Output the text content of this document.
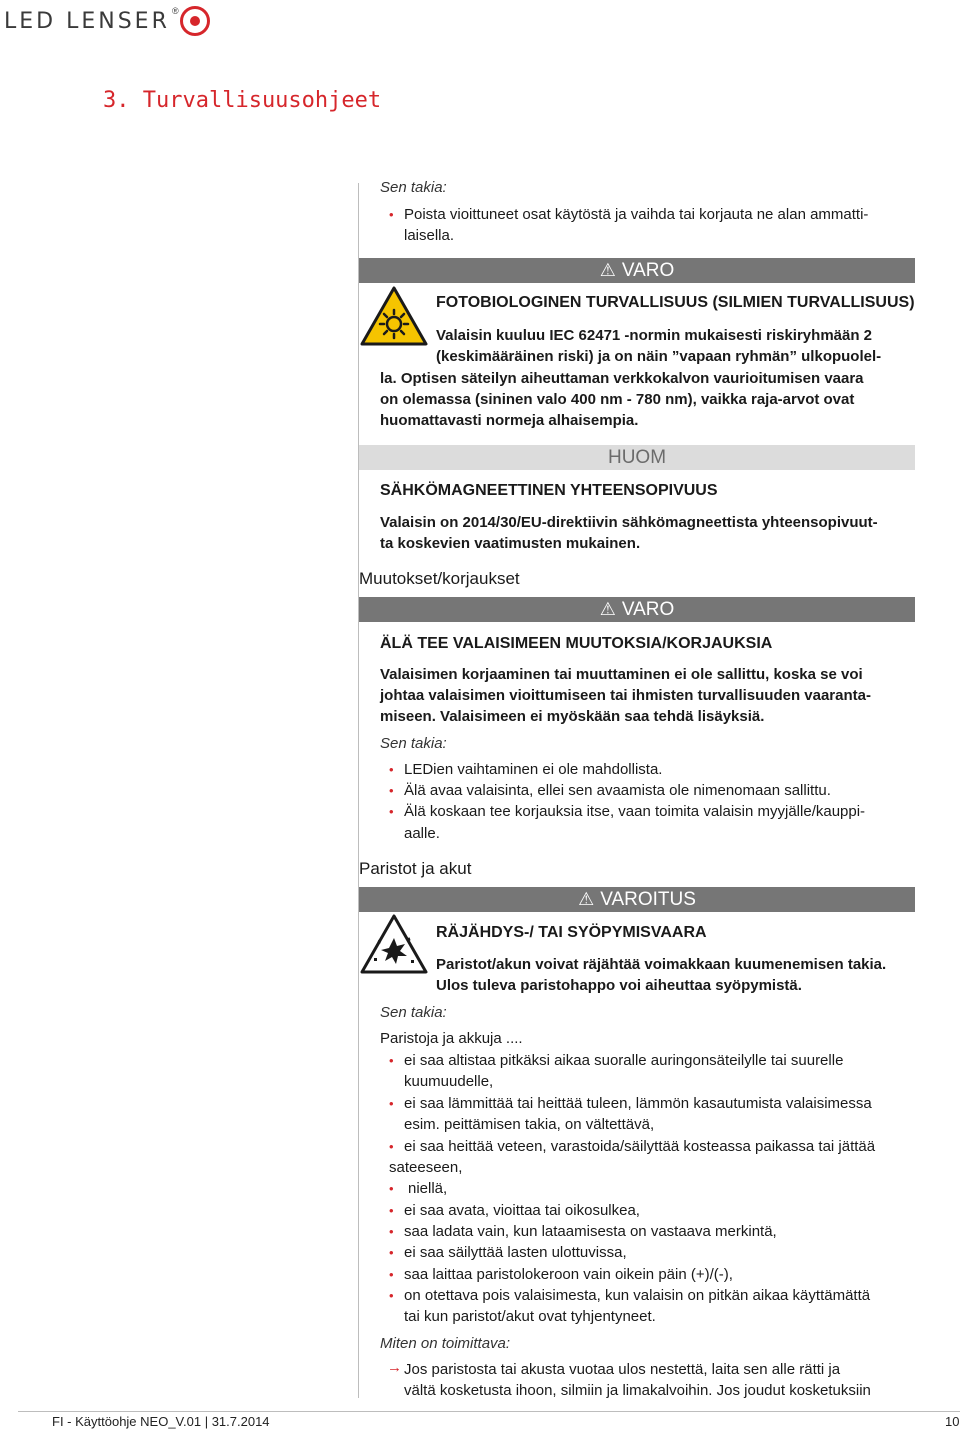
LED LENSER ®
3. Turvallisuusohjeet
Sen takia:
• Poista vioittuneet osat käytöstä ja vaihda tai korjauta ne alan ammatti-
laisella.
⚠ VARO
FOTOBIOLOGINEN TURVALLISUUS (SILMIEN TURVALLISUUS)
Valaisin kuuluu IEC 62471 -normin mukaisesti riskiryhmään 2
(keskimääräinen riski) ja on näin ”vapaan ryhmän” ulkopuolel-
la. Optisen säteilyn aiheuttaman verkkokalvon vaurioitumisen vaara
on olemassa (sininen valo 400 nm - 780 nm), vaikka raja-arvot ovat
huomattavasti normeja alhaisempia.
HUOM
SÄHKÖMAGNEETTINEN YHTEENSOPIVUUS
Valaisin on 2014/30/EU-direktiivin sähkömagneettista yhteensopivuut-
ta koskevien vaatimusten mukainen.
Muutokset/korjaukset
⚠ VARO
ÄLÄ TEE VALAISIMEEN MUUTOKSIA/KORJAUKSIA
Valaisimen korjaaminen tai muuttaminen ei ole sallittu, koska se voi
johtaa valaisimen vioittumiseen tai ihmisten turvallisuuden vaaranta-
miseen. Valaisimeen ei myöskään saa tehdä lisäyksiä.
Sen takia:
• LEDien vaihtaminen ei ole mahdollista.
• Älä avaa valaisinta, ellei sen avaamista ole nimenomaan sallittu.
• Älä koskaan tee korjauksia itse, vaan toimita valaisin myyjälle/kauppi-
aalle.
Paristot ja akut
⚠ VAROITUS
RÄJÄHDYS-/ TAI SYÖPYMISVAARA
Paristot/akun voivat räjähtää voimakkaan kuumenemisen takia.
Ulos tuleva paristohappo voi aiheuttaa syöpymistä.
Sen takia:
Paristoja ja akkuja ....
• ei saa altistaa pitkäksi aikaa suoralle auringonsäteilylle tai suurelle
kuumuudelle,
• ei saa lämmittää tai heittää tuleen, lämmön kasautumista valaisimessa
esim. peittämisen takia, on vältettävä,
• ei saa heittää veteen, varastoida/säilyttää kosteassa paikassa tai jättää
sateeseen,
• niellä,
• ei saa avata, vioittaa tai oikosulkea,
• saa ladata vain, kun lataamisesta on vastaava merkintä,
• ei saa säilyttää lasten ulottuvissa,
• saa laittaa paristolokeroon vain oikein päin (+)/(-),
• on otettava pois valaisimesta, kun valaisin on pitkän aikaa käyttämättä
tai kun paristot/akut ovat tyhjentyneet.
Miten on toimittava:
→ Jos paristosta tai akusta vuotaa ulos nestettä, laita sen alle rätti ja
vältä kosketusta ihoon, silmiin ja limakalvoihin. Jos joudut kosketuksiin
FI - Käyttöohje NEO_V.01 | 31.7.2014	10
